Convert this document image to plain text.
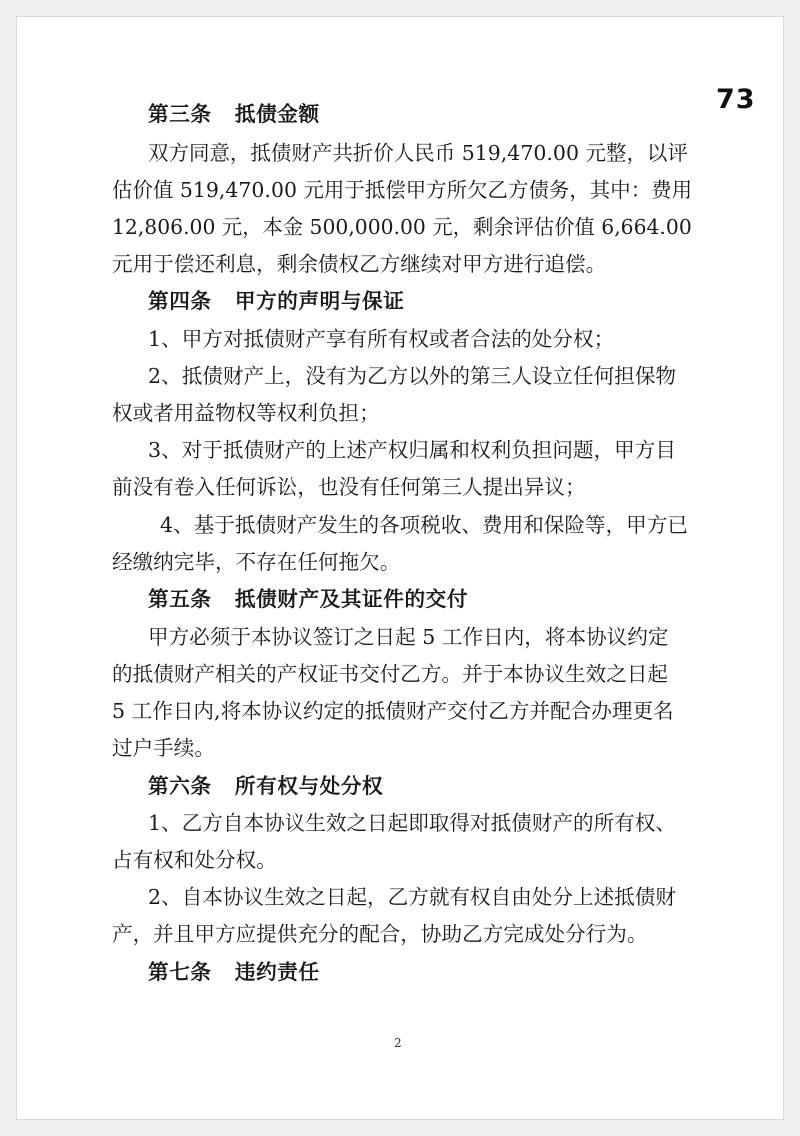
73
第三条   抵债金额
双方同意，抵债财产共折价人民币 519,470.00 元整，以评
估价值 519,470.00 元用于抵偿甲方所欠乙方债务，其中：费用
12,806.00 元，本金 500,000.00 元，剩余评估价值 6,664.00
元用于偿还利息，剩余债权乙方继续对甲方进行追偿。
第四条   甲方的声明与保证
1、甲方对抵债财产享有所有权或者合法的处分权；
2、抵债财产上，没有为乙方以外的第三人设立任何担保物
权或者用益物权等权利负担；
3、对于抵债财产的上述产权归属和权利负担问题，甲方目
前没有卷入任何诉讼，也没有任何第三人提出异议；
4、基于抵债财产发生的各项税收、费用和保险等，甲方已
经缴纳完毕，不存在任何拖欠。
第五条   抵债财产及其证件的交付
甲方必须于本协议签订之日起 5 工作日内，将本协议约定
的抵债财产相关的产权证书交付乙方。并于本协议生效之日起
5 工作日内,将本协议约定的抵债财产交付乙方并配合办理更名
过户手续。
第六条   所有权与处分权
1、乙方自本协议生效之日起即取得对抵债财产的所有权、
占有权和处分权。
2、自本协议生效之日起，乙方就有权自由处分上述抵债财
产，并且甲方应提供充分的配合，协助乙方完成处分行为。
第七条   违约责任
2
